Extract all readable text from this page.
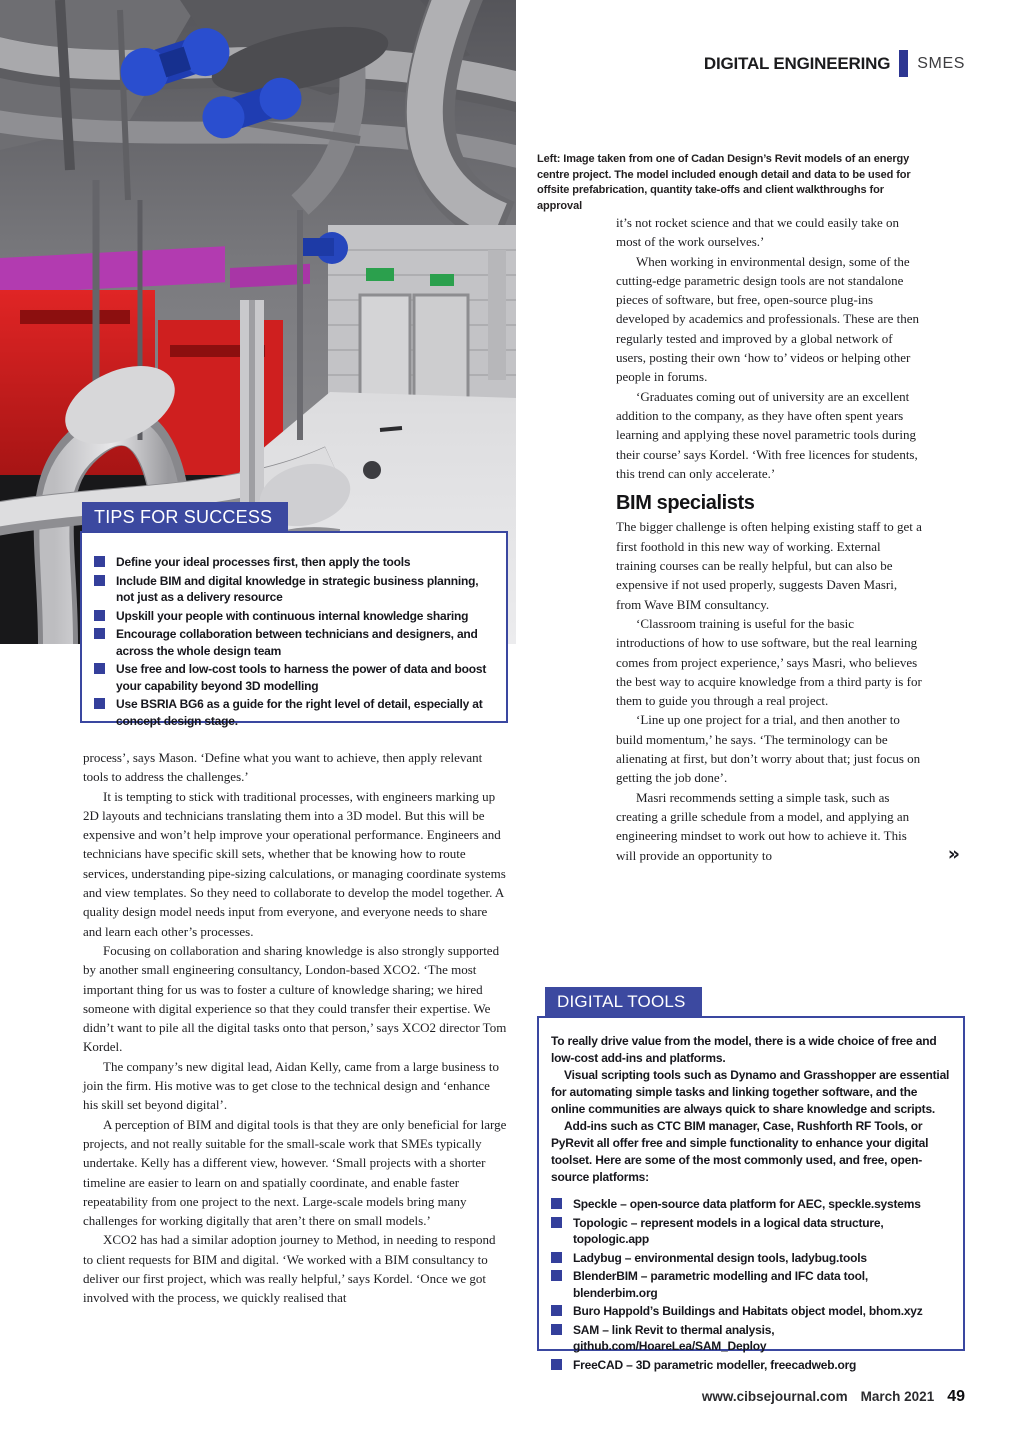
DIGITAL ENGINEERING SMES
Left: Image taken from one of Cadan Design’s Revit models of an energy centre project. The model included enough detail and data to be used for offsite prefabrication, quantity take-offs and client walkthroughs for approval

it’s not rocket science and that we could easily take on most of the work ourselves.’

When working in environmental design, some of the cutting-edge parametric design tools are not standalone pieces of software, but free, open-source plug-ins developed by academics and professionals. These are then regularly tested and improved by a global network of users, posting their own ‘how to’ videos or helping other people in forums.

‘Graduates coming out of university are an excellent addition to the company, as they have often spent years learning and applying these novel parametric tools during their course’ says Kordel. ‘With free licences for students, this trend can only accelerate.’

BIM specialists

The bigger challenge is often helping existing staff to get a first foothold in this new way of working. External training courses can be really helpful, but can also be expensive if not used properly, suggests Daven Masri, from Wave BIM consultancy.

‘Classroom training is useful for the basic introductions of how to use software, but the real learning comes from project experience,’ says Masri, who believes the best way to acquire knowledge from a third party is for them to guide you through a real project.

‘Line up one project for a trial, and then another to build momentum,’ he says. ‘The terminology can be alienating at first, but don’t worry about that; just focus on getting the job done’.

Masri recommends setting a simple task, such as creating a grille schedule from a model, and applying an engineering mindset to work out how to achieve it. This will provide an opportunity to	»

TIPS FOR SUCCESS
Define your ideal processes first, then apply the tools
Include BIM and digital knowledge in strategic business planning, not just as a delivery resource
Upskill your people with continuous internal knowledge sharing
Encourage collaboration between technicians and designers, and across the whole design team
Use free and low-cost tools to harness the power of data and boost your capability beyond 3D modelling
Use BSRIA BG6 as a guide for the right level of detail, especially at concept design stage.

process’, says Mason. ‘Define what you want to achieve, then apply relevant tools to address the challenges.’

It is tempting to stick with traditional processes, with engineers marking up 2D layouts and technicians translating them into a 3D model. But this will be expensive and won’t help improve your operational performance. Engineers and technicians have specific skill sets, whether that be knowing how to route services, understanding pipe-sizing calculations, or managing coordinate systems and view templates. So they need to collaborate to develop the model together. A quality design model needs input from everyone, and everyone needs to share and learn each other’s processes.

Focusing on collaboration and sharing knowledge is also strongly supported by another small engineering consultancy, London-based XCO2. ‘The most important thing for us was to foster a culture of knowledge sharing; we hired someone with digital experience so that they could transfer their expertise. We didn’t want to pile all the digital tasks onto that person,’ says XCO2 director Tom Kordel.

The company’s new digital lead, Aidan Kelly, came from a large business to join the firm. His motive was to get close to the technical design and ‘enhance his skill set beyond digital’.

A perception of BIM and digital tools is that they are only beneficial for large projects, and not really suitable for the small-scale work that SMEs typically undertake. Kelly has a different view, however. ‘Small projects with a shorter timeline are easier to learn on and spatially coordinate, and enable faster repeatability from one project to the next. Large-scale models bring many challenges for working digitally that aren’t there on small models.’

XCO2 has had a similar adoption journey to Method, in needing to respond to client requests for BIM and digital. ‘We worked with a BIM consultancy to deliver our first project, which was really helpful,’ says Kordel. ‘Once we got involved with the process, we quickly realised that

DIGITAL TOOLS

To really drive value from the model, there is a wide choice of free and low-cost add-ins and platforms.

Visual scripting tools such as Dynamo and Grasshopper are essential for automating simple tasks and linking together software, and the online communities are always quick to share knowledge and scripts.

Add-ins such as CTC BIM manager, Case, Rushforth RF Tools, or PyRevit all offer free and simple functionality to enhance your digital toolset. Here are some of the most commonly used, and free, open-source platforms:

Speckle – open-source data platform for AEC, speckle.systems
Topologic – represent models in a logical data structure, topologic.app
Ladybug – environmental design tools, ladybug.tools
BlenderBIM – parametric modelling and IFC data tool, blenderbim.org
Buro Happold’s Buildings and Habitats object model, bhom.xyz
SAM – link Revit to thermal analysis, github.com/HoareLea/SAM_Deploy
FreeCAD – 3D parametric modeller, freecadweb.org
www.cibsejournal.com March 2021 49
